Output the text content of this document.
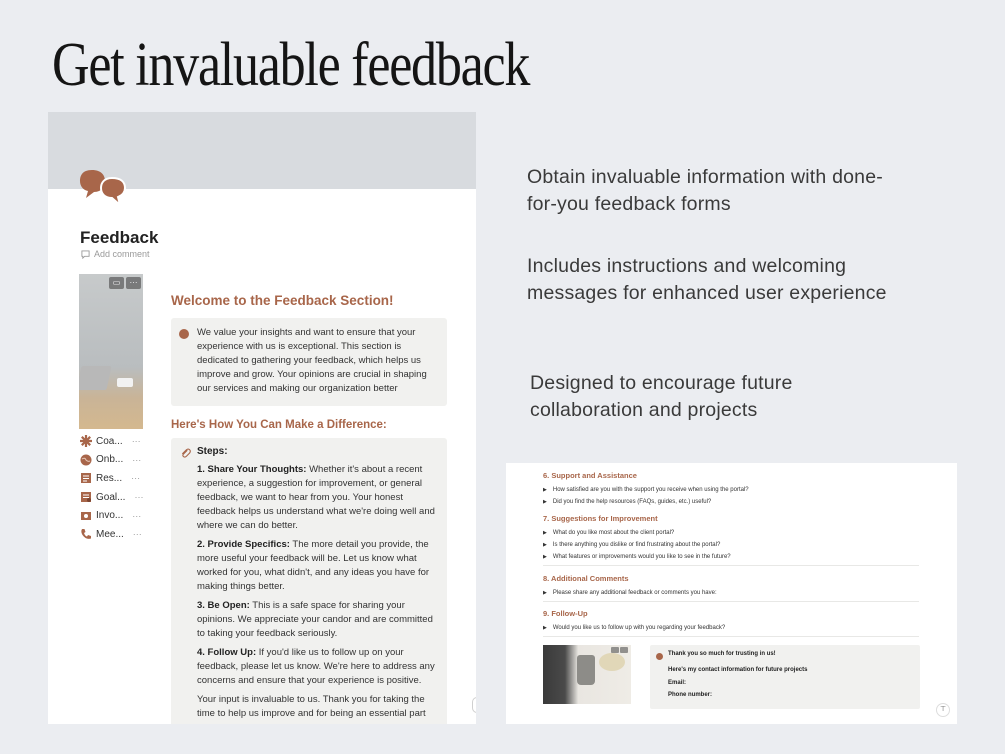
Get invaluable feedback
Feedback
Add comment
▭	···
Coa... ···
Onb... ···
Res... ···
Goal... ···
Invo... ···
Mee... ···
Welcome to the Feedback Section!

We value your insights and want to ensure that your experience with us is exceptional. This section is dedicated to gathering your feedback, which helps us improve and grow. Your opinions are crucial in shaping our services and making our organization better

Here's How You Can Make a Difference:
Steps:

1. Share Your Thoughts: Whether it's about a recent experience, a suggestion for improvement, or general feedback, we want to hear from you. Your honest feedback helps us understand what we're doing well and where we can do better.

2. Provide Specifics: The more detail you provide, the more useful your feedback will be. Let us know what worked for you, what didn't, and any ideas you have for making things better.

3. Be Open: This is a safe space for sharing your opinions. We appreciate your candor and are committed to taking your feedback seriously.

4. Follow Up: If you'd like us to follow up on your feedback, please let us know. We're here to address any concerns and ensure that your experience is positive.

Your input is invaluable to us. Thank you for taking the time to help us improve and for being an essential part

Obtain invaluable information with done-for-you feedback forms
Includes instructions and welcoming messages for enhanced user experience
Designed to encourage future collaboration and projects
6. Support and Assistance
▶ How satisfied are you with the support you receive when using the portal?
▶ Did you find the help resources (FAQs, guides, etc.) useful?
7. Suggestions for Improvement
▶ What do you like most about the client portal?
▶ Is there anything you dislike or find frustrating about the portal?
▶ What features or improvements would you like to see in the future?
8. Additional Comments
▶ Please share any additional feedback or comments you have:
9. Follow-Up
▶ Would you like us to follow up with you regarding your feedback?
Thank you so much for trusting in us!
Here's my contact information for future projects
Email:
Phone number:
⊤
